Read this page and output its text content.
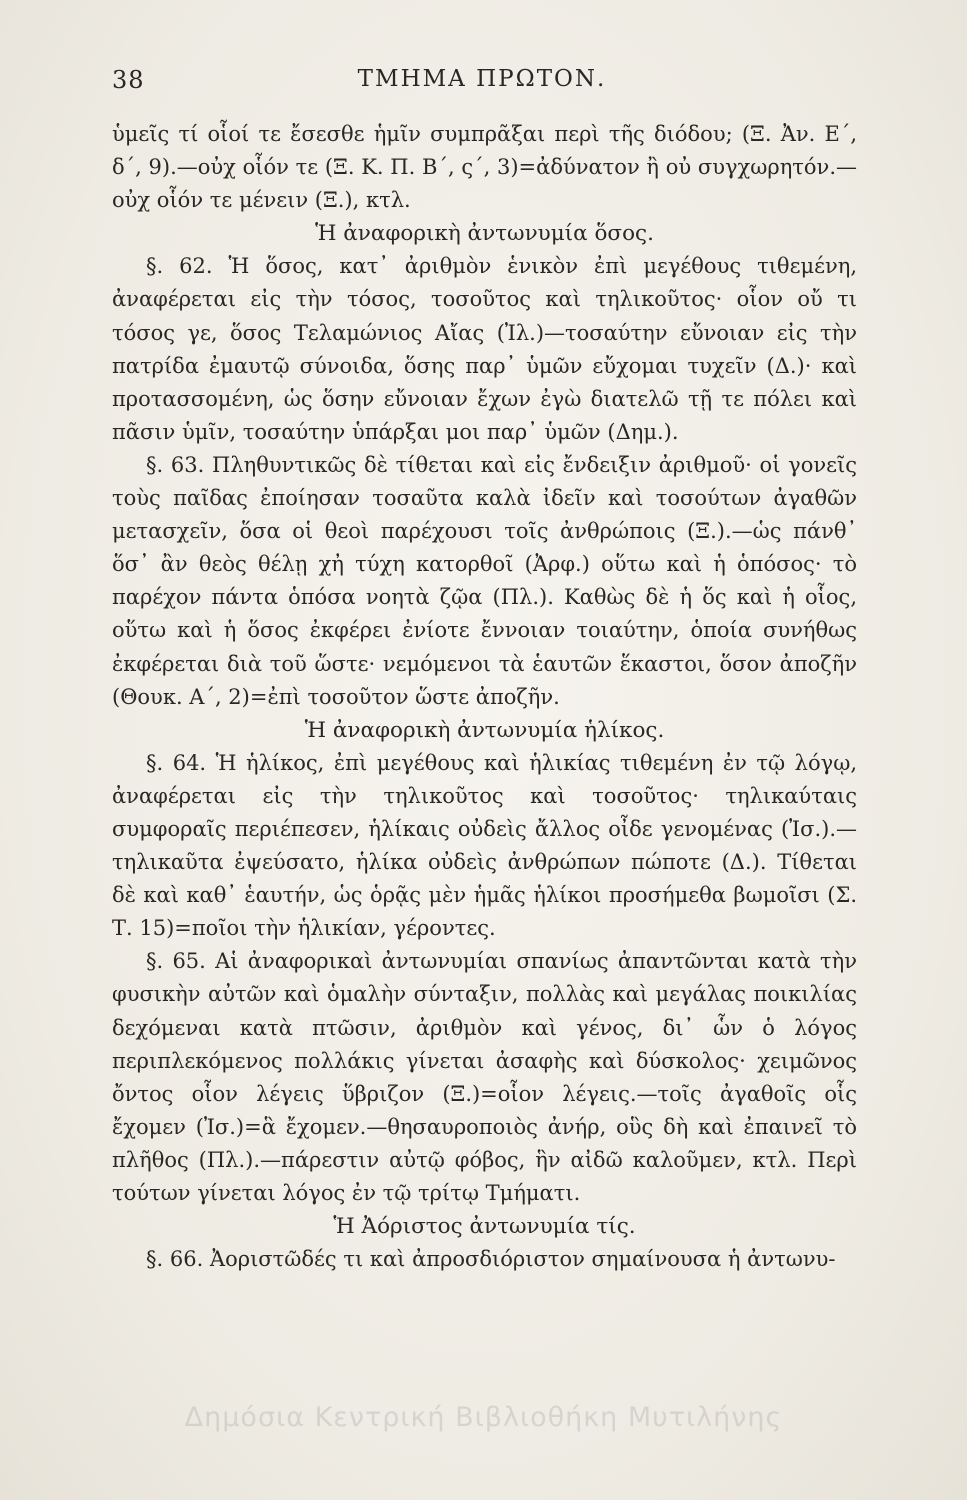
38	ΤΜΗΜΑ ΠΡΩΤΟΝ.

ὑμεῖς τί οἷοί τε ἔσεσθε ἡμῖν συμπρᾶξαι περὶ τῆς διόδου; (Ξ. Ἀν. Ε΄, δ΄, 9).—οὐχ οἷόν τε (Ξ. Κ. Π. Β΄, ς΄, 3)=ἀδύνατον ἢ οὐ συγχωρητόν.—οὐχ οἷόν τε μένειν (Ξ.), κτλ.

Ἡ ἀναφορικὴ ἀντωνυμία ὅσος.

§. 62. Ἡ ὅσος, κατ᾽ ἀριθμὸν ἑνικὸν ἐπὶ μεγέθους τιθεμένη, ἀναφέρεται εἰς τὴν τόσος, τοσοῦτος καὶ τηλικοῦτος· οἷον οὔ τι τόσος γε, ὅσος Τελαμώνιος Αἴας (Ἰλ.)—τοσαύτην εὔνοιαν εἰς τὴν πατρίδα ἐμαυτῷ σύνοιδα, ὅσης παρ᾽ ὑμῶν εὔχομαι τυχεῖν (Δ.)· καὶ προτασσομένη, ὡς ὅσην εὔνοιαν ἔχων ἐγὼ διατελῶ τῇ τε πόλει καὶ πᾶσιν ὑμῖν, τοσαύτην ὑπάρξαι μοι παρ᾽ ὑμῶν (Δημ.).

§. 63. Πληθυντικῶς δὲ τίθεται καὶ εἰς ἔνδειξιν ἀριθμοῦ· οἱ γονεῖς τοὺς παῖδας ἐποίησαν τοσαῦτα καλὰ ἰδεῖν καὶ τοσούτων ἀγαθῶν μετασχεῖν, ὅσα οἱ θεοὶ παρέχουσι τοῖς ἀνθρώποις (Ξ.).—ὡς πάνθ᾽ ὅσ᾽ ἂν θεὸς θέλῃ χἠ τύχη κατορθοῖ (Ἀρφ.) οὕτω καὶ ἡ ὁπόσος· τὸ παρέχον πάντα ὁπόσα νοητὰ ζῷα (Πλ.). Καθὼς δὲ ἡ ὅς καὶ ἡ οἷος, οὕτω καὶ ἡ ὅσος ἐκφέρει ἐνίοτε ἔννοιαν τοιαύτην, ὁποία συνήθως ἐκφέρεται διὰ τοῦ ὥστε· νεμόμενοι τὰ ἑαυτῶν ἕκαστοι, ὅσον ἀποζῆν (Θουκ. Α΄, 2)=ἐπὶ τοσοῦτον ὥστε ἀποζῆν.

Ἡ ἀναφορικὴ ἀντωνυμία ἡλίκος.

§. 64. Ἡ ἡλίκος, ἐπὶ μεγέθους καὶ ἡλικίας τιθεμένη ἐν τῷ λόγῳ, ἀναφέρεται εἰς τὴν τηλικοῦτος καὶ τοσοῦτος· τηλικαύταις συμφοραῖς περιέπεσεν, ἡλίκαις οὐδεὶς ἄλλος οἶδε γενομένας (Ἰσ.).—τηλικαῦτα ἐψεύσατο, ἡλίκα οὐδεὶς ἀνθρώπων πώποτε (Δ.). Τίθεται δὲ καὶ καθ᾽ ἑαυτήν, ὡς ὁρᾷς μὲν ἡμᾶς ἡλίκοι προσήμεθα βωμοῖσι (Σ. Τ. 15)=ποῖοι τὴν ἡλικίαν, γέροντες.

§. 65. Αἱ ἀναφορικαὶ ἀντωνυμίαι σπανίως ἀπαντῶνται κατὰ τὴν φυσικὴν αὐτῶν καὶ ὁμαλὴν σύνταξιν, πολλὰς καὶ μεγάλας ποικιλίας δεχόμεναι κατὰ πτῶσιν, ἀριθμὸν καὶ γένος, δι᾽ ὧν ὁ λόγος περιπλεκόμενος πολλάκις γίνεται ἀσαφὴς καὶ δύσκολος· χειμῶνος ὄντος οἷον λέγεις ὕβριζον (Ξ.)=οἷον λέγεις.—τοῖς ἀγαθοῖς οἷς ἔχομεν (Ἰσ.)=ἃ ἔχομεν.—θησαυροποιὸς ἀνήρ, οὓς δὴ καὶ ἐπαινεῖ τὸ πλῆθος (Πλ.).—πάρεστιν αὐτῷ φόβος, ἣν αἰδῶ καλοῦμεν, κτλ. Περὶ τούτων γίνεται λόγος ἐν τῷ τρίτῳ Τμήματι.

Ἡ Ἀόριστος ἀντωνυμία τίς.

§. 66. Ἀοριστῶδές τι καὶ ἀπροσδιόριστον σημαίνουσα ἡ ἀντωνυ-

Δημόσια Κεντρική Βιβλιοθήκη Μυτιλήνης
